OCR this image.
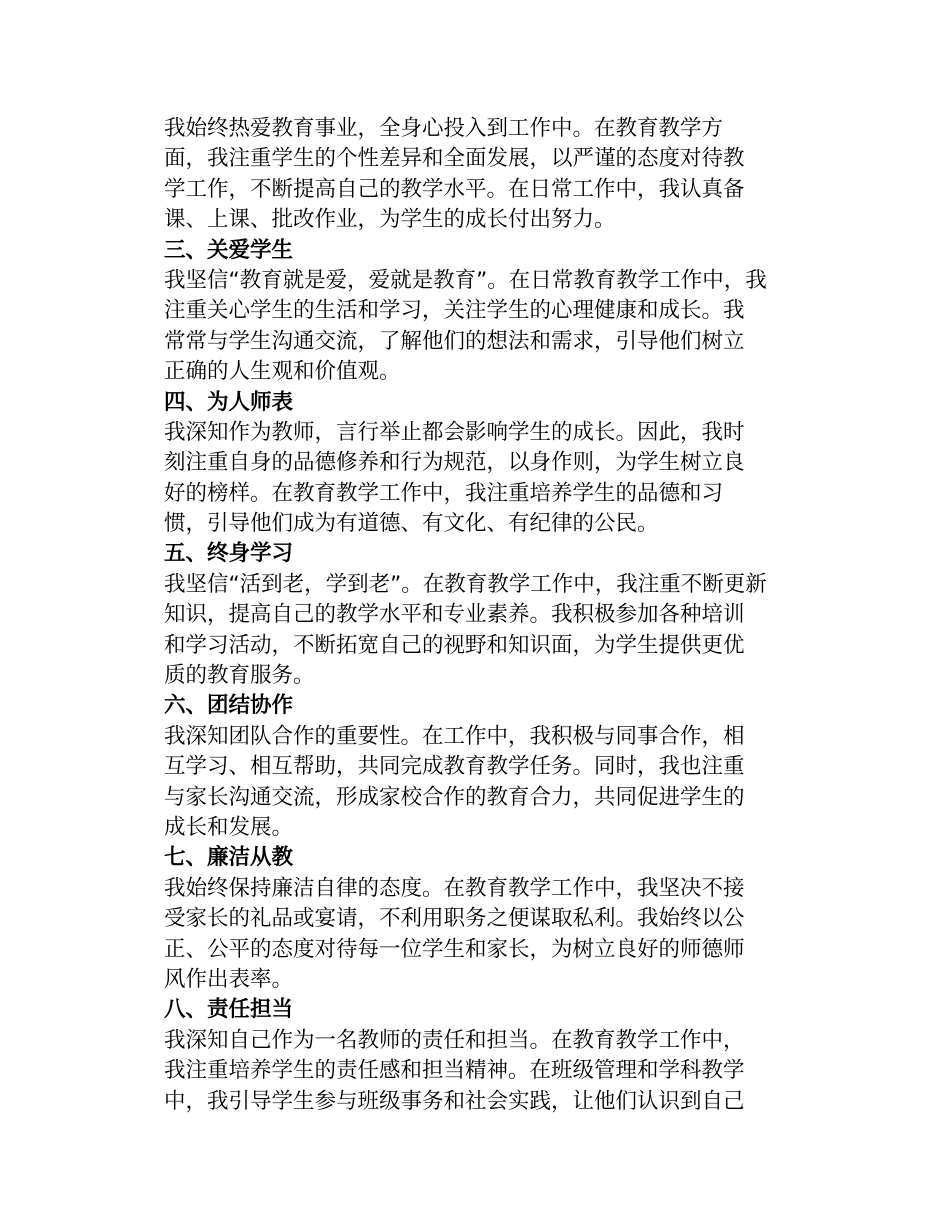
我始终热爱教育事业，全身心投入到工作中。在教育教学方
面，我注重学生的个性差异和全面发展，以严谨的态度对待教
学工作，不断提高自己的教学水平。在日常工作中，我认真备
课、上课、批改作业，为学生的成长付出努力。
三、关爱学生
我坚信“教育就是爱，爱就是教育”。在日常教育教学工作中，我
注重关心学生的生活和学习，关注学生的心理健康和成长。我
常常与学生沟通交流，了解他们的想法和需求，引导他们树立
正确的人生观和价值观。
四、为人师表
我深知作为教师，言行举止都会影响学生的成长。因此，我时
刻注重自身的品德修养和行为规范，以身作则，为学生树立良
好的榜样。在教育教学工作中，我注重培养学生的品德和习
惯，引导他们成为有道德、有文化、有纪律的公民。
五、终身学习
我坚信“活到老，学到老”。在教育教学工作中，我注重不断更新
知识，提高自己的教学水平和专业素养。我积极参加各种培训
和学习活动，不断拓宽自己的视野和知识面，为学生提供更优
质的教育服务。
六、团结协作
我深知团队合作的重要性。在工作中，我积极与同事合作，相
互学习、相互帮助，共同完成教育教学任务。同时，我也注重
与家长沟通交流，形成家校合作的教育合力，共同促进学生的
成长和发展。
七、廉洁从教
我始终保持廉洁自律的态度。在教育教学工作中，我坚决不接
受家长的礼品或宴请，不利用职务之便谋取私利。我始终以公
正、公平的态度对待每一位学生和家长，为树立良好的师德师
风作出表率。
八、责任担当
我深知自己作为一名教师的责任和担当。在教育教学工作中，
我注重培养学生的责任感和担当精神。在班级管理和学科教学
中，我引导学生参与班级事务和社会实践，让他们认识到自己
